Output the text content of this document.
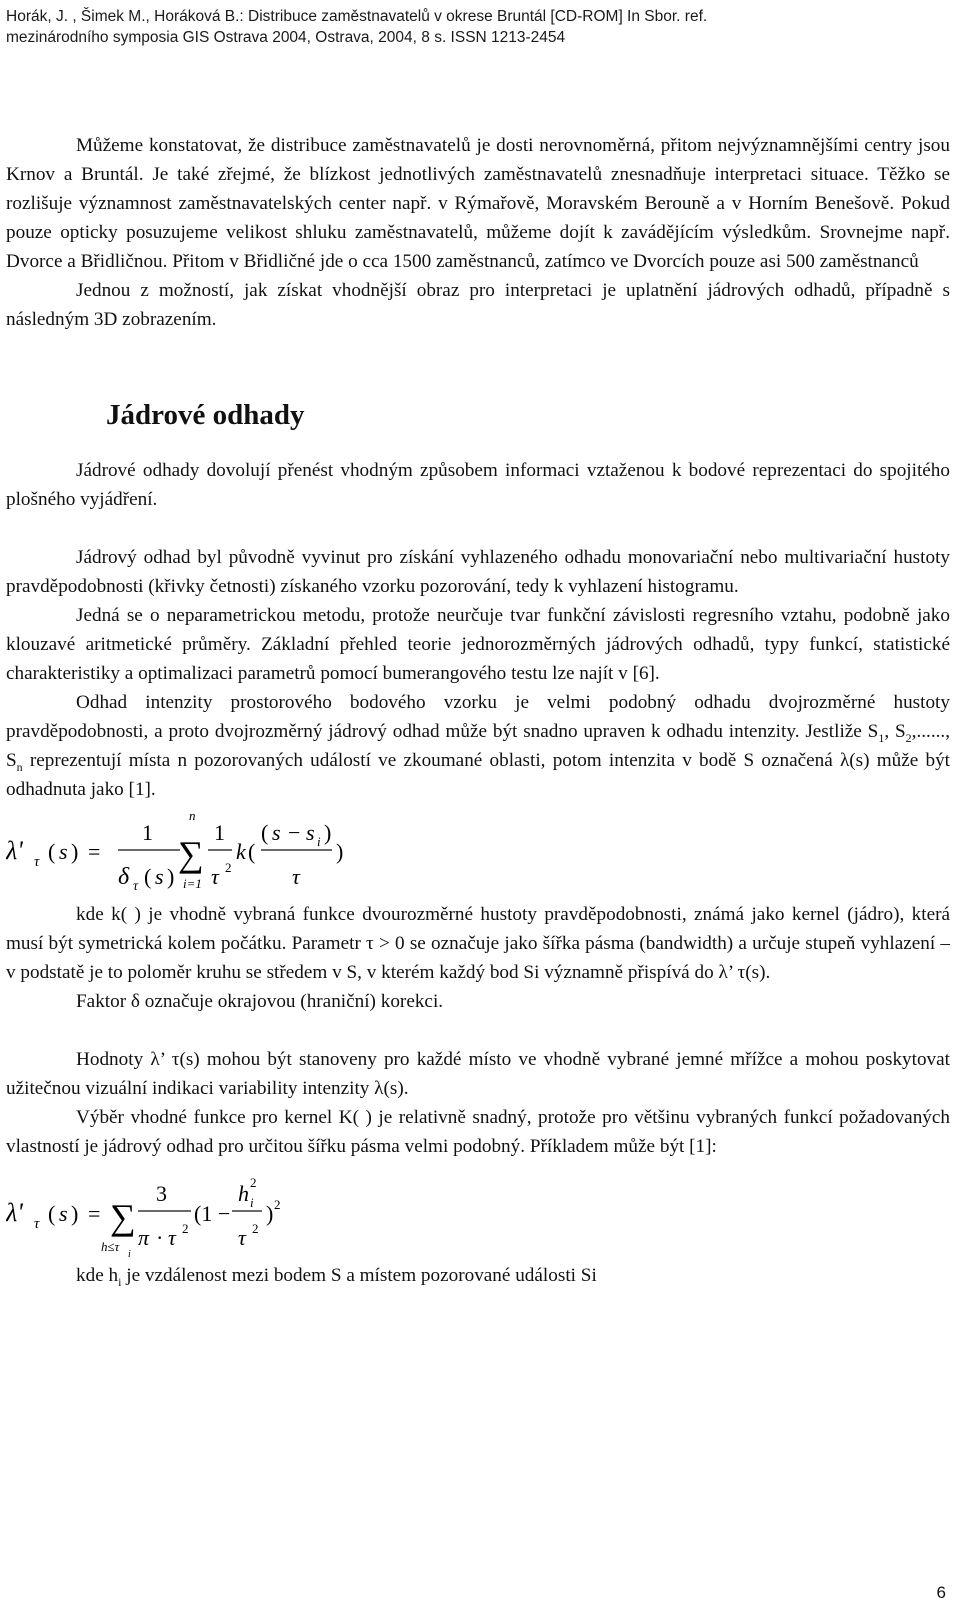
Horák, J. , Šimek M., Horáková B.: Distribuce zaměstnavatelů v okrese Bruntál [CD-ROM] In Sbor. ref.
mezinárodního symposia GIS Ostrava 2004, Ostrava, 2004, 8 s. ISSN 1213-2454

Můžeme konstatovat, že distribuce zaměstnavatelů je dosti nerovnoměrná, přitom nejvýznamnějšími centry jsou Krnov a Bruntál. Je také zřejmé, že blízkost jednotlivých zaměstnavatelů znesnadňuje interpretaci situace. Těžko se rozlišuje významnost zaměstnavatelských center např. v Rýmařově, Moravském Berouně a v Horním Benešově. Pokud pouze opticky posuzujeme velikost shluku zaměstnavatelů, můžeme dojít k zavádějícím výsledkům. Srovnejme např. Dvorce a Břidličnou. Přitom v Břidličné jde o cca 1500 zaměstnanců, zatímco ve Dvorcích pouze asi 500 zaměstnanců

Jednou z možností, jak získat vhodnější obraz pro interpretaci je uplatnění jádrových odhadů, případně s následným 3D zobrazením.

Jádrové odhady

Jádrové odhady dovolují přenést vhodným způsobem informaci vztaženou k bodové reprezentaci do spojitého plošného vyjádření.

Jádrový odhad byl původně vyvinut pro získání vyhlazeného odhadu monovariační nebo multivariační hustoty pravděpodobnosti (křivky četnosti) získaného vzorku pozorování, tedy k vyhlazení histogramu.

Jedná se o neparametrickou metodu, protože neurčuje tvar funkční závislosti regresního vztahu, podobně jako klouzavé aritmetické průměry. Základní přehled teorie jednorozměrných jádrových odhadů, typy funkcí, statistické charakteristiky a optimalizaci parametrů pomocí bumerangového testu lze najít v [6].

Odhad intenzity prostorového bodového vzorku je velmi podobný odhadu dvojrozměrné hustoty pravděpodobnosti, a proto dvojrozměrný jádrový odhad může být snadno upraven k odhadu intenzity. Jestliže $S_1$, $S_2$,......, $S_n$ reprezentují místa n pozorovaných událostí ve zkoumané oblasti, potom intenzita v bodě S označená λ(s) může být odhadnuta jako [1].

λ' τ ( s ) =
1
δ τ ( s )
n
∑
i=1
1
τ 2
k (
( s − s i )
τ
)

kde k( ) je vhodně vybraná funkce dvourozměrné hustoty pravděpodobnosti, známá jako kernel (jádro), která musí být symetrická kolem počátku. Parametr τ > 0 se označuje jako šířka pásma (bandwidth) a určuje stupeň vyhlazení – v podstatě je to poloměr kruhu se středem v S, v kterém každý bod Si významně přispívá do λ’ τ(s).

Faktor δ označuje okrajovou (hraniční) korekci.

Hodnoty λ’ τ(s) mohou být stanoveny pro každé místo ve vhodně vybrané jemné mřížce a mohou poskytovat užitečnou vizuální indikaci variability intenzity λ(s).

Výběr vhodné funkce pro kernel K( ) je relativně snadný, protože pro většinu vybraných funkcí požadovaných vlastností je jádrový odhad pro určitou šířku pásma velmi podobný. Příkladem může být [1]:

λ' τ ( s ) = ∑
h≤τ
i
3
π · τ 2
(1 −
h i
2
τ 2
) 2

kde $h_i$ je vzdálenost mezi bodem S a místem pozorované události Si

6
